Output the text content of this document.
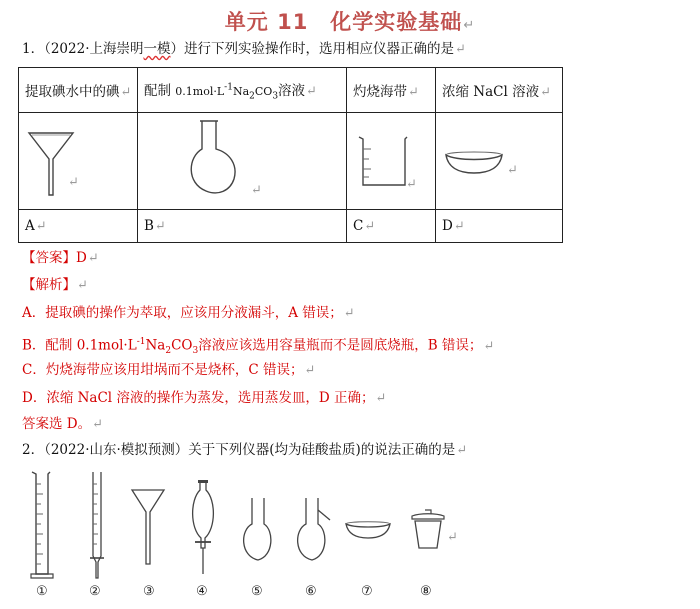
单元 11　化学实验基础↵
1．（2022·上海崇明一模）进行下列实验操作时，选用相应仪器正确的是↵
提取碘水中的碘↵	配制 $0.1mol\cdot L^{-1}Na_2CO_3$溶液↵	灼烧海带↵	浓缩 NaCl 溶液↵

↵	↵	↵	↵

A↵	B↵	C↵	D↵
【答案】D↵
【解析】↵
A．提取碘的操作为萃取，应该用分液漏斗，A 错误；↵
B．配制 $0.1mol\cdot L^{-1}Na_2CO_3$溶液应该选用容量瓶而不是圆底烧瓶，B 错误；↵
C．灼烧海带应该用坩埚而不是烧杯，C 错误；↵
D．浓缩 NaCl 溶液的操作为蒸发，选用蒸发皿，D 正确；↵
答案选 D。↵
2．（2022·山东·模拟预测）关于下列仪器(均为硅酸盐质)的说法正确的是↵
↵
①	②	③	④	⑤	⑥	⑦	⑧
